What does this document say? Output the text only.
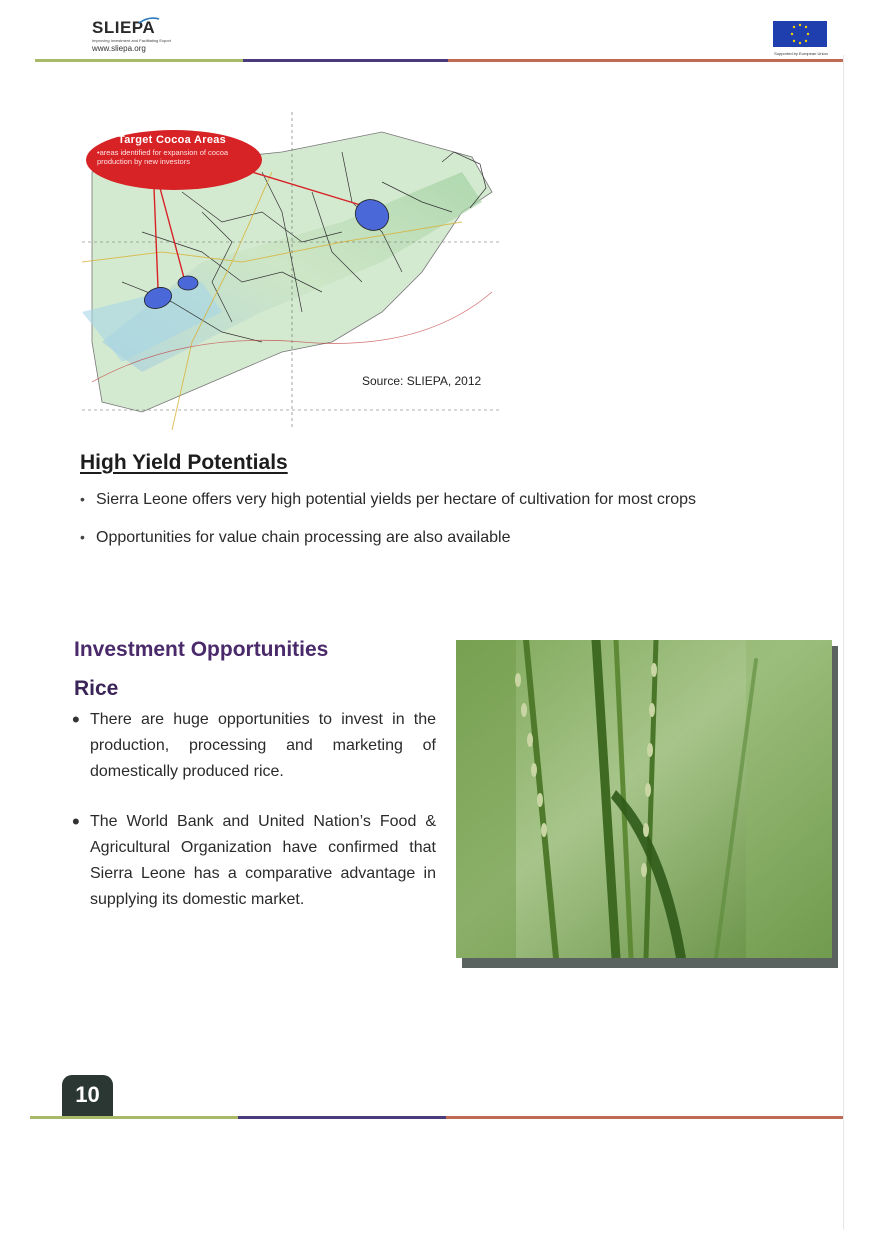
SLIEPA
Improving Investment and Facilitating Export
www.sliepa.org
Supported by European Union
Target Cocoa Areas
•areas identified for expansion of cocoa production by new investors
Source: SLIEPA, 2012
High Yield Potentials
• Sierra Leone offers very high potential yields per hectare of cultivation for most crops
• Opportunities for value chain processing are also available
Investment Opportunities
Rice
• There are huge opportunities to invest in the production, processing and marketing of domestically produced rice.
• The World Bank and United Nation’s Food & Agricultural Organization have confirmed that Sierra Leone has a comparative advantage in supplying its domestic market.
10
